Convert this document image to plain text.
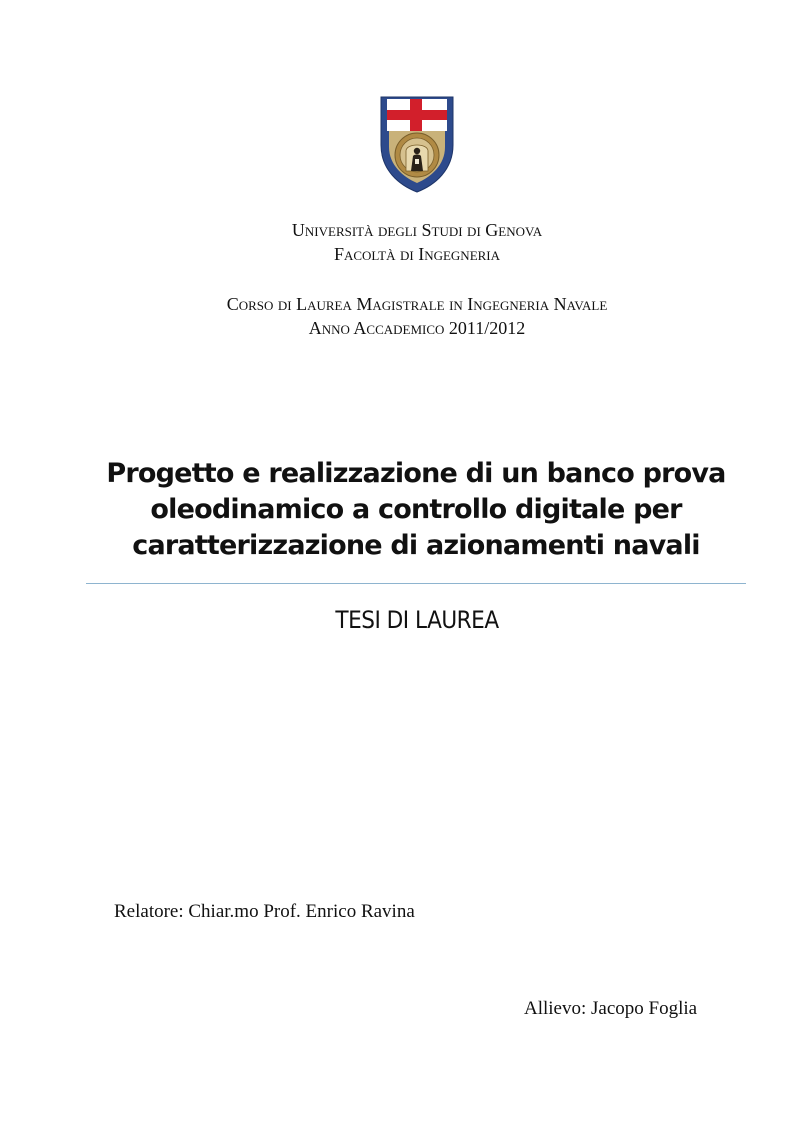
Università degli Studi di Genova
Facoltà di Ingegneria
Corso di Laurea Magistrale in Ingegneria Navale
Anno Accademico 2011/2012
Progetto e realizzazione di un banco prova
oleodinamico a controllo digitale per
caratterizzazione di azionamenti navali
TESI DI LAUREA
Relatore: Chiar.mo Prof. Enrico Ravina
Allievo: Jacopo Foglia
